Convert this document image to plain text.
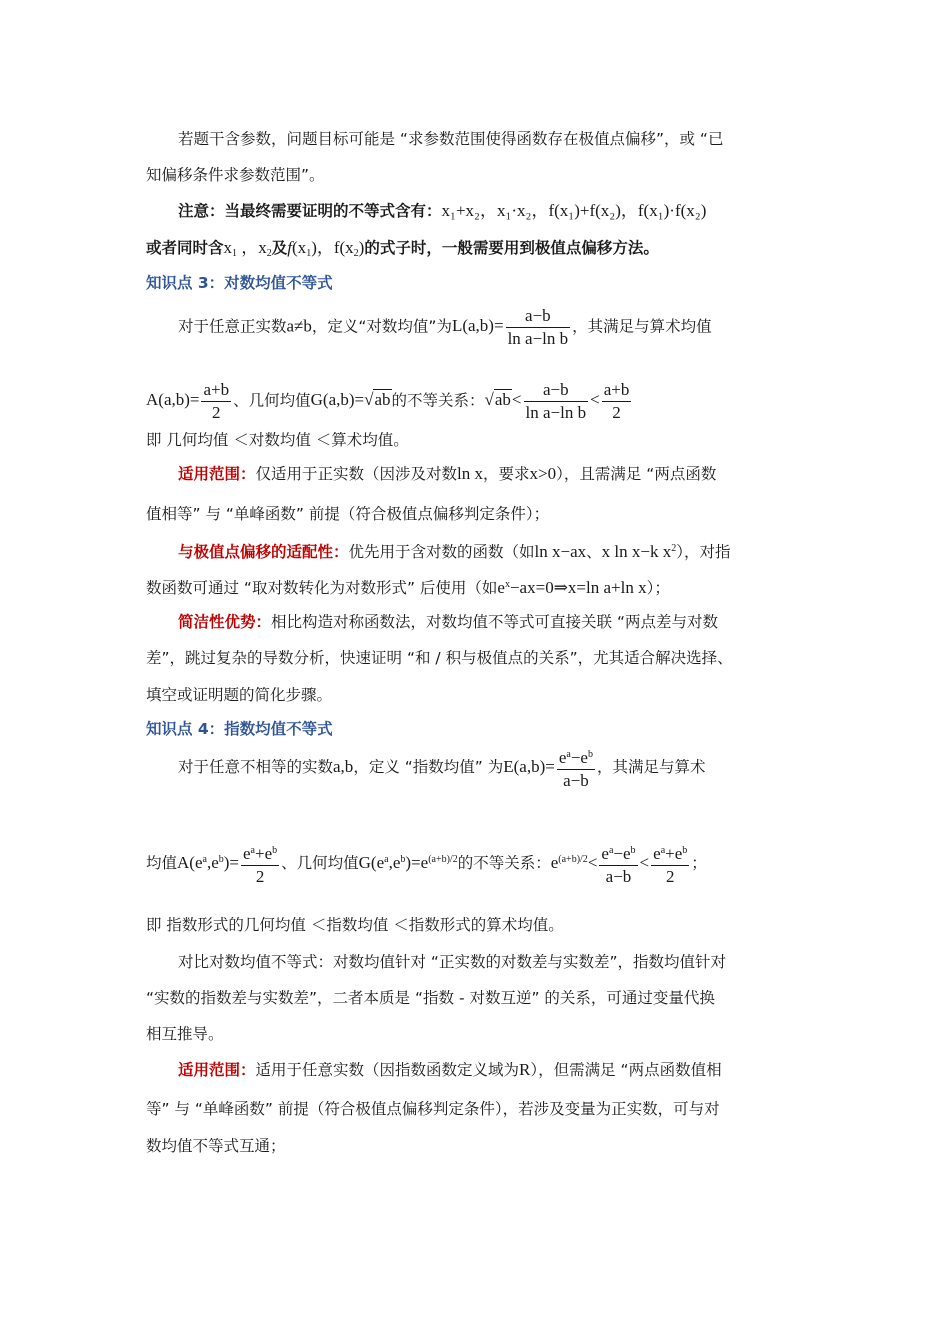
若题干含参数，问题目标可能是 “求参数范围使得函数存在极值点偏移”，或 “已
知偏移条件求参数范围”。
注意：当最终需要证明的不等式含有：x₁+x₂，x₁·x₂，f(x₁)+f(x₂)，f(x₁)·f(x₂)
或者同时含$x_1$ ，$x_2$及$f(x_1)$，$f(x_2)$的式子时，一般需要用到极值点偏移方法。
知识点 3：对数均值不等式
对于任意正实数a≠b，定义“对数均值”为$L(a,b)= \frac{a-b}{\text{ln a−ln b}}$ ，其满足与算术均值
$A(a,b)= \frac{a+b}{2}$ 、几何均值G(a,b)=√ab的不等关系：$√ab< \frac{a-b}{\text{ln a−ln b}} < \frac{a+b}{2}$
即 几何均值 ＜对数均值 ＜算术均值。
适用范围：仅适用于正实数（因涉及对数ln x，要求x>0），且需满足 “两点函数
值相等” 与 “单峰函数” 前提（符合极值点偏移判定条件）；
与极值点偏移的适配性：优先用于含对数的函数（如ln x−ax、x ln x−k $x^2$），对指
数函数可通过 “取对数转化为对数形式” 后使用（如$e^x-ax=0\Rightarrow x=\ln$ a+ln x）；
简洁性优势：相比构造对称函数法，对数均值不等式可直接关联 “两点差与对数
差”，跳过复杂的导数分析，快速证明 “和 / 积与极值点的关系”，尤其适合解决选择、
填空或证明题的简化步骤。
知识点 4：指数均值不等式
对于任意不相等的实数a,b，定义 “指数均值” 为$E(a,b)= \frac{e^a-e^b}{a-b}$ ，其满足与算术
均值$A(e^a,e^b)= \frac{e^a+e^b}{2}$ 、几何均值$G(e^a,e^b)=e^{(a+b)/2}$的不等关系：$e^{(a+b)/2}< \frac{e^a-e^b}{a-b} < \frac{e^a+e^b}{2}$ ；
即 指数形式的几何均值 ＜指数均值 ＜指数形式的算术均值。
对比对数均值不等式：对数均值针对 “正实数的对数差与实数差”，指数均值针对
“实数的指数差与实数差”，二者本质是 “指数 - 对数互逆” 的关系，可通过变量代换
相互推导。
适用范围：适用于任意实数（因指数函数定义域为R），但需满足 “两点函数值相
等” 与 “单峰函数” 前提（符合极值点偏移判定条件），若涉及变量为正实数，可与对
数均值不等式互通；
